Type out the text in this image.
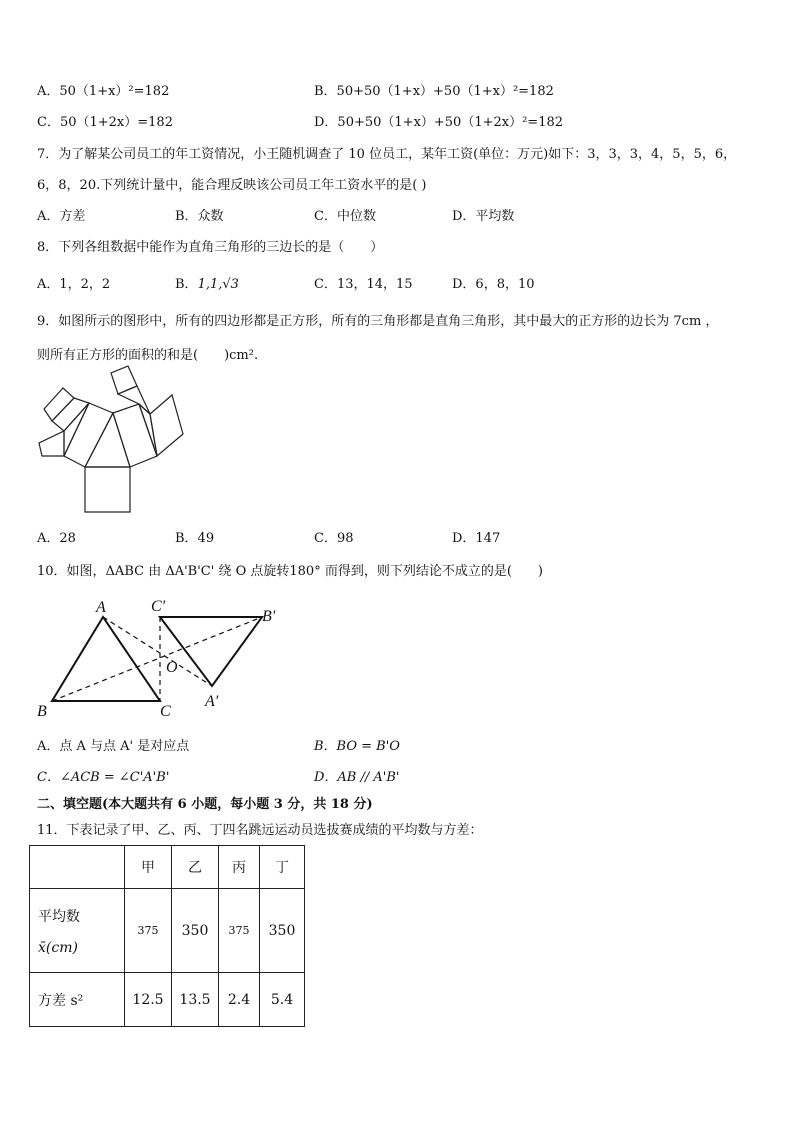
A．50（1+x）²=182	B．50+50（1+x）+50（1+x）²=182
C．50（1+2x）=182	D．50+50（1+x）+50（1+2x）²=182
7．为了解某公司员工的年工资情况，小王随机调查了 10 位员工，某年工资(单位：万元)如下：3，3，3，4，5，5，6，
6，8，20.下列统计量中，能合理反映该公司员工年工资水平的是( )
A．方差	B．众数	C．中位数	D．平均数
8．下列各组数据中能作为直角三角形的三边长的是（　　）
A．1，2，2	B．1,1,√3	C．13，14，15	D．6，8，10
9．如图所示的图形中，所有的四边形都是正方形，所有的三角形都是直角三角形，其中最大的正方形的边长为 7cm ，
则所有正方形的面积的和是(　　)cm².
A．28	B．49	C．98	D．147
10．如图，ΔABC 由 ΔA'B'C' 绕 O 点旋转180° 而得到，则下列结论不成立的是(　　)
A
B	C
O
A'
B'
C'
A．点 A 与点 A' 是对应点	B．BO = B'O
C．∠ACB = ∠C'A'B'	D．AB // A'B'
二、填空题(本大题共有 6 小题，每小题 3 分，共 18 分)
11．下表记录了甲、乙、丙、丁四名跳远运动员选拔赛成绩的平均数与方差：
	甲	乙	丙	丁

平均数
x̄(cm)	375	350	375	350
方差 s²	12.5	13.5	2.4	5.4
